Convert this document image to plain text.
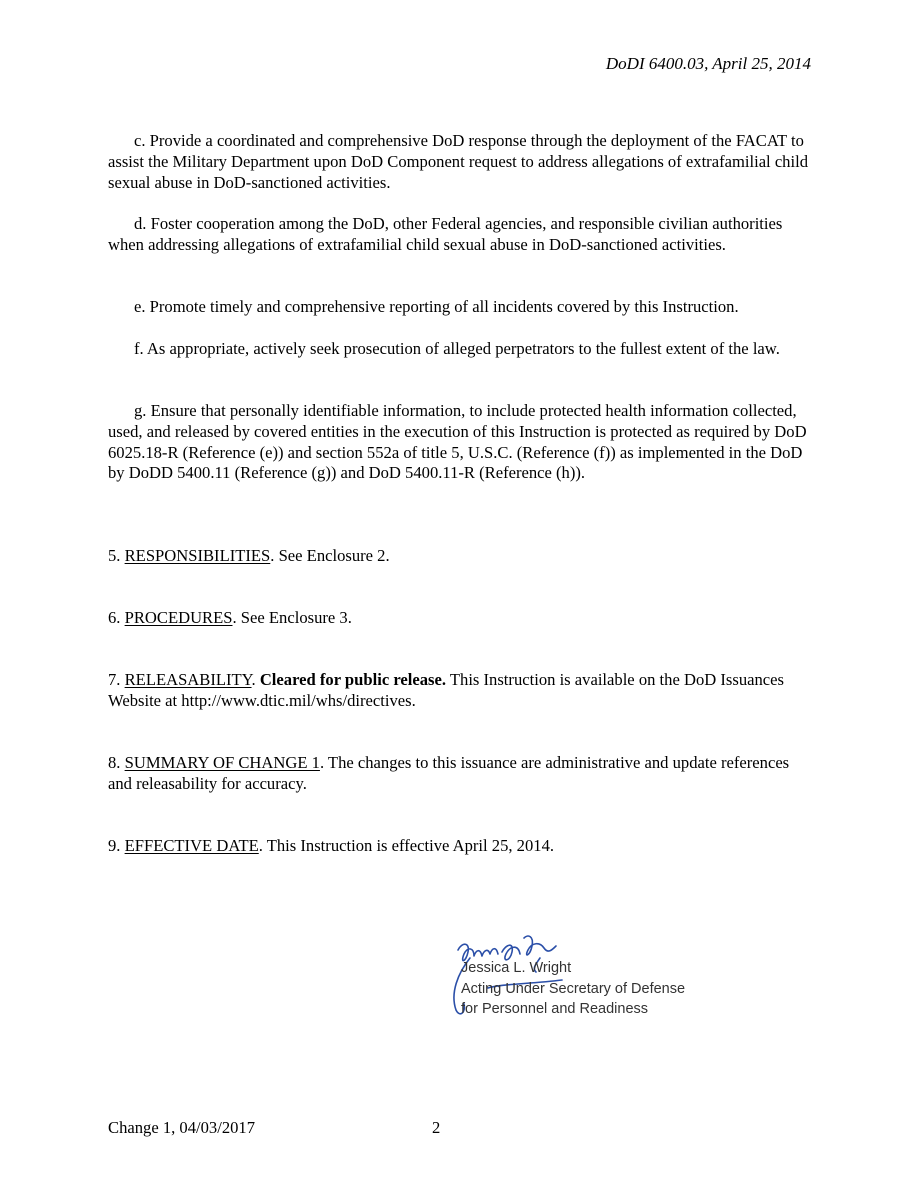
DoDI 6400.03, April 25, 2014

c. Provide a coordinated and comprehensive DoD response through the deployment of the FACAT to assist the Military Department upon DoD Component request to address allegations of extrafamilial child sexual abuse in DoD-sanctioned activities.

d. Foster cooperation among the DoD, other Federal agencies, and responsible civilian authorities when addressing allegations of extrafamilial child sexual abuse in DoD-sanctioned activities.

e. Promote timely and comprehensive reporting of all incidents covered by this Instruction.

f. As appropriate, actively seek prosecution of alleged perpetrators to the fullest extent of the law.

g. Ensure that personally identifiable information, to include protected health information collected, used, and released by covered entities in the execution of this Instruction is protected as required by DoD 6025.18-R (Reference (e)) and section 552a of title 5, U.S.C. (Reference (f)) as implemented in the DoD by DoDD 5400.11 (Reference (g)) and DoD 5400.11-R (Reference (h)).

5. RESPONSIBILITIES. See Enclosure 2.

6. PROCEDURES. See Enclosure 3.

7. RELEASABILITY. Cleared for public release. This Instruction is available on the DoD Issuances Website at http://www.dtic.mil/whs/directives.

8. SUMMARY OF CHANGE 1. The changes to this issuance are administrative and update references and releasability for accuracy.

9. EFFECTIVE DATE. This Instruction is effective April 25, 2014.

Jessica L. Wright
Acting Under Secretary of Defense
for Personnel and Readiness
Change 1, 04/03/2017	2
